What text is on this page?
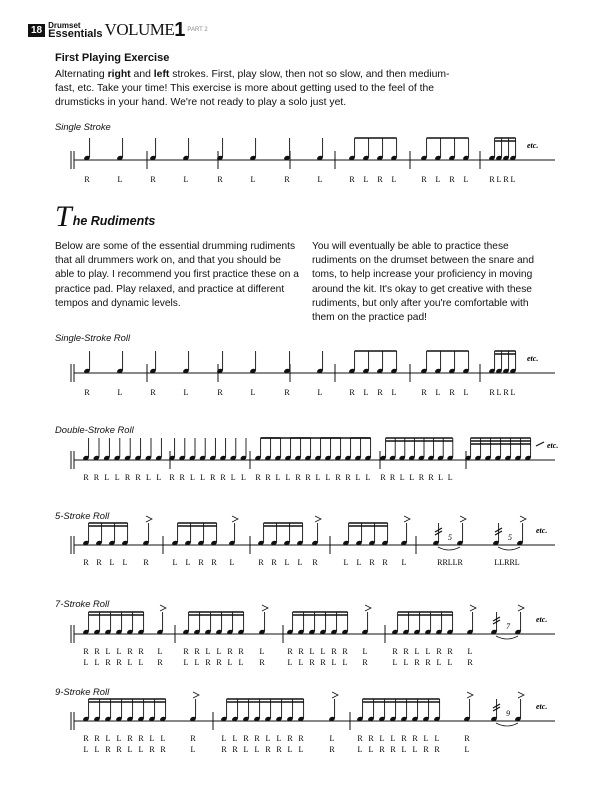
18 Drumset
Essentials VOLUME 1 PART 2
First Playing Exercise
Alternating right and left strokes. First, play slow, then not so slow, and then medium-fast, etc. Take your time! This exercise is more about getting used to the feel of the drumsticks in your hand. We're not ready to play a solo just yet.
Single Stroke
T he Rudiments
Below are some of the essential drumming rudiments that all drummers work on, and that you should be able to play. I recommend you first practice these on a practice pad. Play relaxed, and practice at different tempos and dynamic levels.
You will eventually be able to practice these rudiments on the drumset between the snare and toms, to help increase your proficiency in moving around the kit. It's okay to get creative with these rudiments, but only after you're comfortable with them on the practice pad!
Single-Stroke Roll
Double-Stroke Roll
5-Stroke Roll
7-Stroke Roll
9-Stroke Roll
etc.
R	L	R	L	R	L	R	L	R L R L	R L R L	R L R L
etc.
R	L	R	L	R	L	R	L	R L R L	R L R L	R L R L
etc.
R R L L R R L L R R L L R R L L R R L L R R L L R R L L R R L L R R L L
5	5
etc.
R R L L R	L L R R L	R R L L R	L L R R L	RRLLR	LLRRL
7
etc.
R R L L R R L	R R L L R R L	R R L L R R L	R R L L R R L
L L R R L L R	L L R R L L R	L L R R L L R	L L R R L L R
9
etc.
R R L L R R L L	R	L L R R L L R R	L	R R L L R R L L	R
L L R R L L R R	L	R R L L R R L L	R	L L R R L L R R	L
